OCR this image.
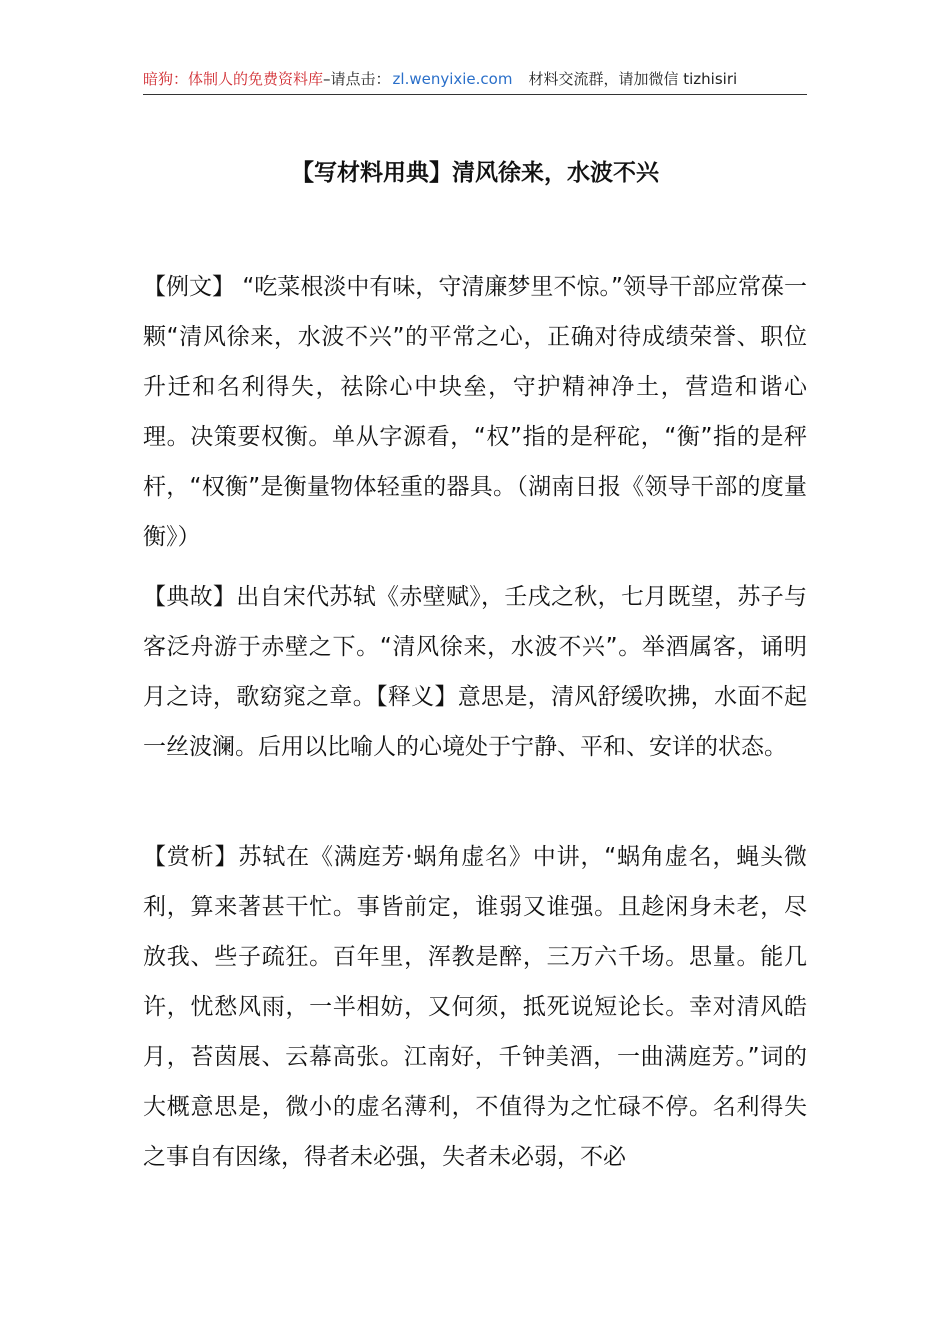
暗狗：体制人的免费资料库–请点击： zl.wenyixie.com 材料交流群，请加微信 tizhisiri
【写材料用典】清风徐来，水波不兴
【例文】 “吃菜根淡中有味，守清廉梦里不惊。”领导干部应常葆一颗“清风徐来，水波不兴”的平常之心，正确对待成绩荣誉、职位升迁和名利得失，祛除心中块垒，守护精神净土，营造和谐心理。决策要权衡。单从字源看，“权”指的是秤砣，“衡”指的是秤杆，“权衡”是衡量物体轻重的器具。（湖南日报《领导干部的度量衡》）
【典故】出自宋代苏轼《赤壁赋》，壬戌之秋，七月既望，苏子与客泛舟游于赤壁之下。“清风徐来，水波不兴”。举酒属客，诵明月之诗，歌窈窕之章。【释义】意思是，清风舒缓吹拂，水面不起一丝波澜。后用以比喻人的心境处于宁静、平和、安详的状态。
【赏析】苏轼在《满庭芳·蜗角虚名》中讲，“蜗角虚名，蝇头微利，算来著甚干忙。事皆前定，谁弱又谁强。且趁闲身未老，尽放我、些子疏狂。百年里，浑教是醉，三万六千场。思量。能几许，忧愁风雨，一半相妨，又何须，抵死说短论长。幸对清风皓月，苔茵展、云幕高张。江南好，千钟美酒，一曲满庭芳。”词的大概意思是，微小的虚名薄利，不值得为之忙碌不停。名利得失之事自有因缘，得者未必强，失者未必弱，不必
